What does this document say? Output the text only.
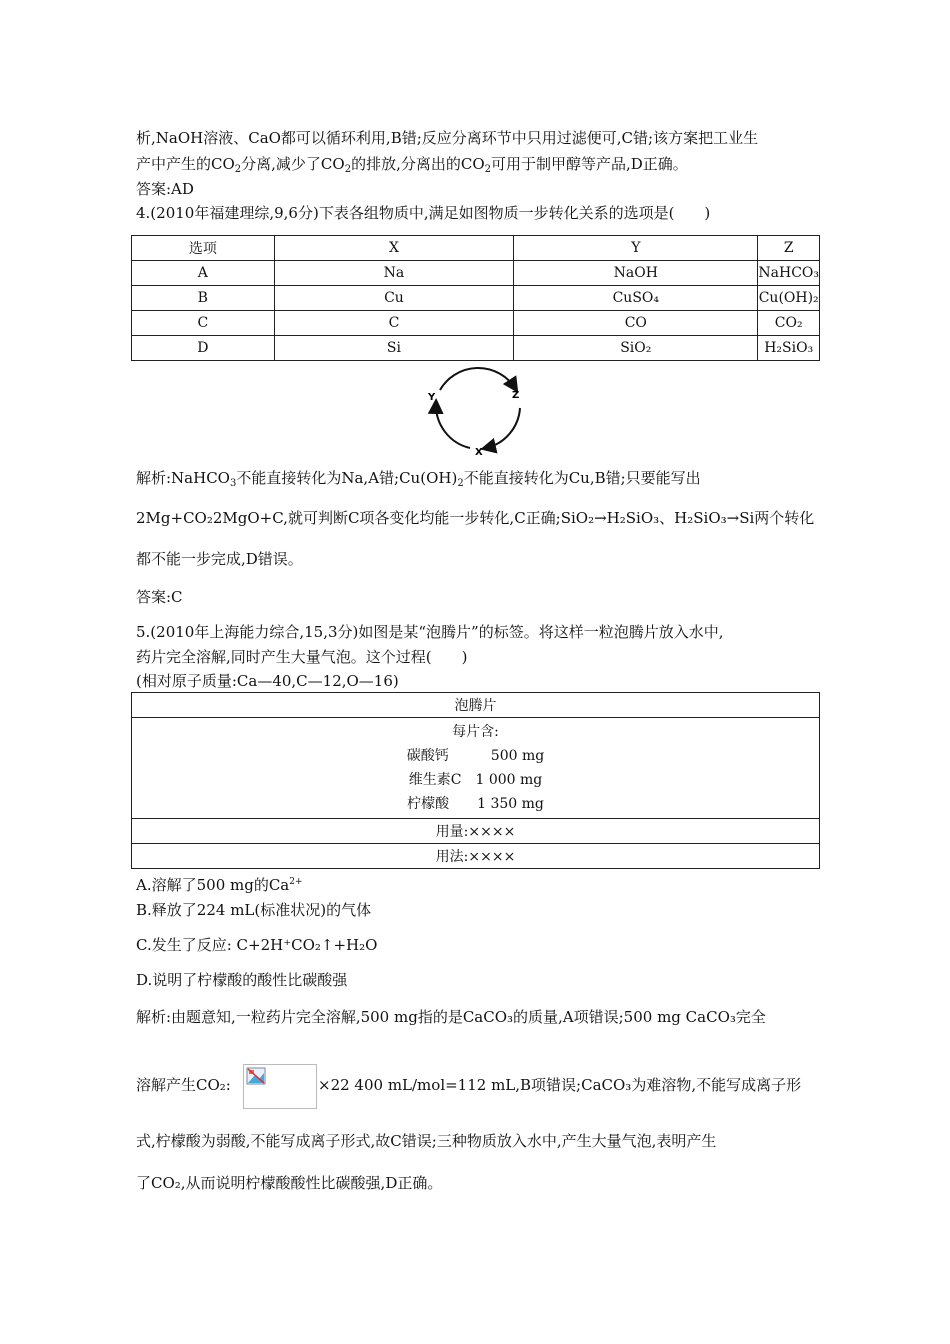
析,NaOH溶液、CaO都可以循环利用,B错;反应分离环节中只用过滤便可,C错;该方案把工业生
产中产生的$CO_2$分离,减少了$CO_2$的排放,分离出的$CO_2$可用于制甲醇等产品,D正确。
答案:AD
4.(2010年福建理综,9,6分)下表各组物质中,满足如图物质一步转化关系的选项是(　　)
选项	X	Y	Z
A	Na	NaOH	NaHCO₃
B	Cu	CuSO₄	Cu(OH)₂
C	C	CO	CO₂
D	Si	SiO₂	H₂SiO₃
Y	Z
X
解析:NaHCO$_3$不能直接转化为Na,A错$;Cu(OH)_2$不能直接转化为Cu,B错;只要能写出
2Mg+CO₂2MgO+C,就可判断C项各变化均能一步转化,C正确;SiO₂→H₂SiO₃、H₂SiO₃→Si两个转化
都不能一步完成,D错误。
答案:C
5.(2010年上海能力综合,15,3分)如图是某“泡腾片”的标签。将这样一粒泡腾片放入水中,
药片完全溶解,同时产生大量气泡。这个过程(　　)
(相对原子质量:Ca—40,C—12,O—16)
泡腾片

每片含:
碳酸钙　　　500 mg
维生素C　1 000 mg
柠檬酸　　1 350 mg

用量:××××
用法:××××
A.溶解了500 mg的$Ca^{2+}$
B.释放了224 mL(标准状况)的气体
C.发生了反应: C+2H⁺CO₂↑+H₂O
D.说明了柠檬酸的酸性比碳酸强
解析:由题意知,一粒药片完全溶解,500 mg指的是CaCO₃的质量,A项错误;500 mg CaCO₃完全
溶解产生CO₂:	×22 400 mL/mol=112 mL,B项错误;CaCO₃为难溶物,不能写成离子形
式,柠檬酸为弱酸,不能写成离子形式,故C错误;三种物质放入水中,产生大量气泡,表明产生
了CO₂,从而说明柠檬酸酸性比碳酸强,D正确。
